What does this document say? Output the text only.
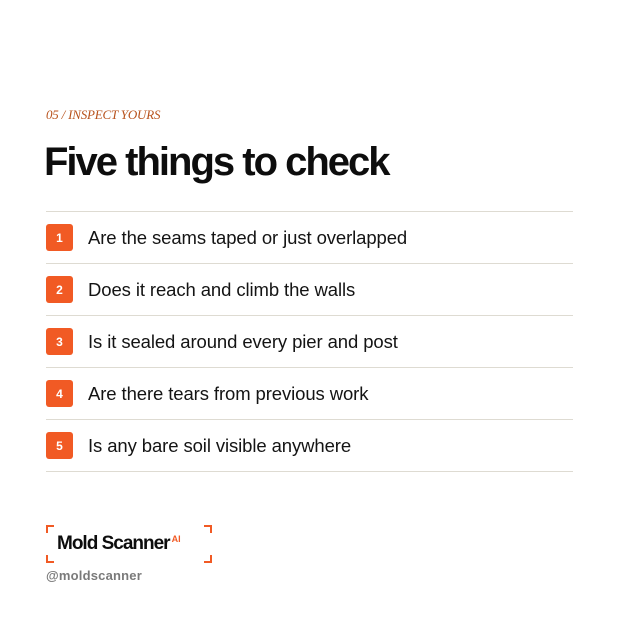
05 / INSPECT YOURS
Five things to check
1	Are the seams taped or just overlapped
2	Does it reach and climb the walls
3	Is it sealed around every pier and post
4	Are there tears from previous work
5	Is any bare soil visible anywhere
Mold Scanner $^{AI}$
@moldscanner
